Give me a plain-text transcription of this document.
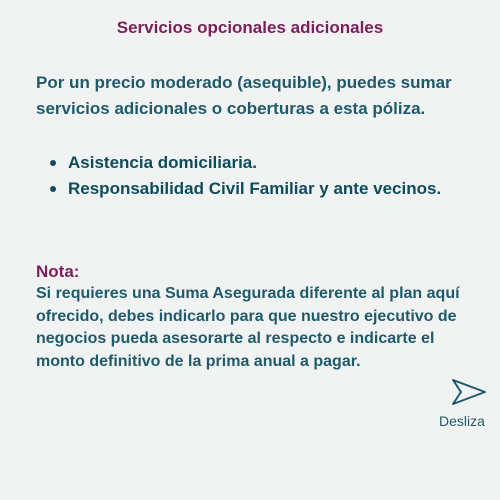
Servicios opcionales adicionales

Por un precio moderado (asequible), puedes sumar servicios adicionales o coberturas a esta póliza.

Asistencia domiciliaria.
Responsabilidad Civil Familiar y ante vecinos.

Nota:

Si requieres una Suma Asegurada diferente al plan aquí ofrecido, debes indicarlo para que nuestro ejecutivo de negocios pueda asesorarte al respecto e indicarte el monto definitivo de la prima anual a pagar.

Desliza
